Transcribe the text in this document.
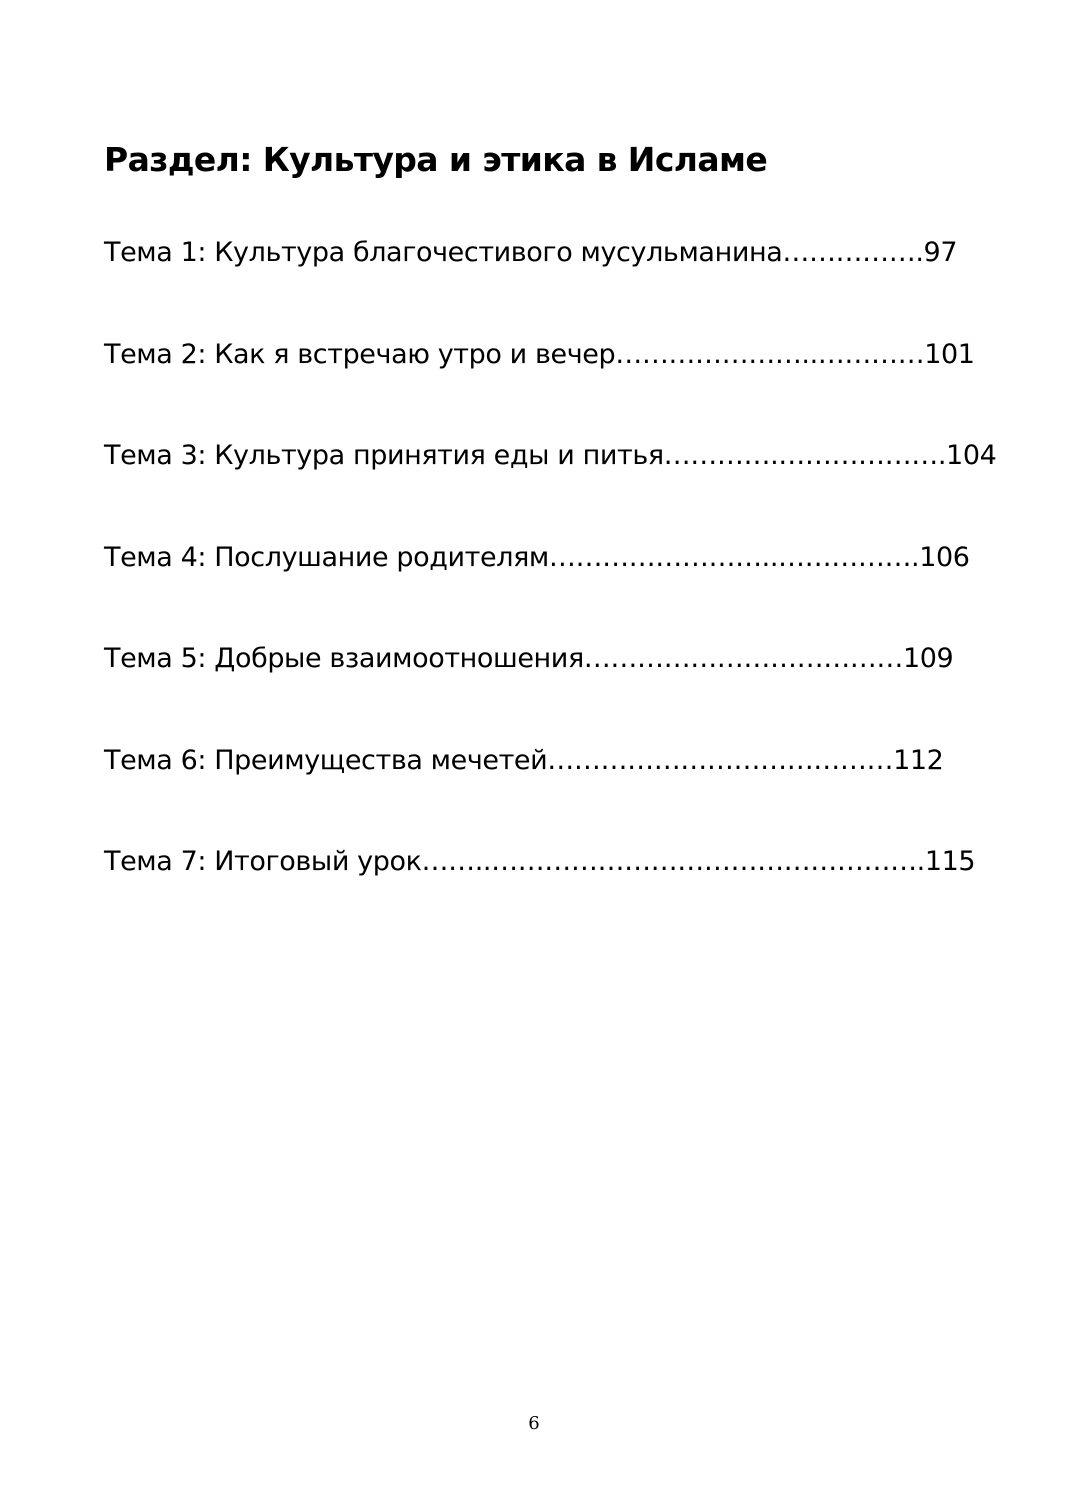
Раздел: Культура и этика в Исламе
Тема 1: Культура благочестивого мусульманина…………….97
Тема 2: Как я встречаю утро и вечер…………………..…………101
Тема 3: Культура принятия еды и питья………….……………….104
Тема 4: Послушание родителям……………………..…………….106
Тема 5: Добрые взаимоотношения………………………………109
Тема 6: Преимущества мечетей…………………………………112
Тема 7: Итоговый урок……..………………………………………….115
6
